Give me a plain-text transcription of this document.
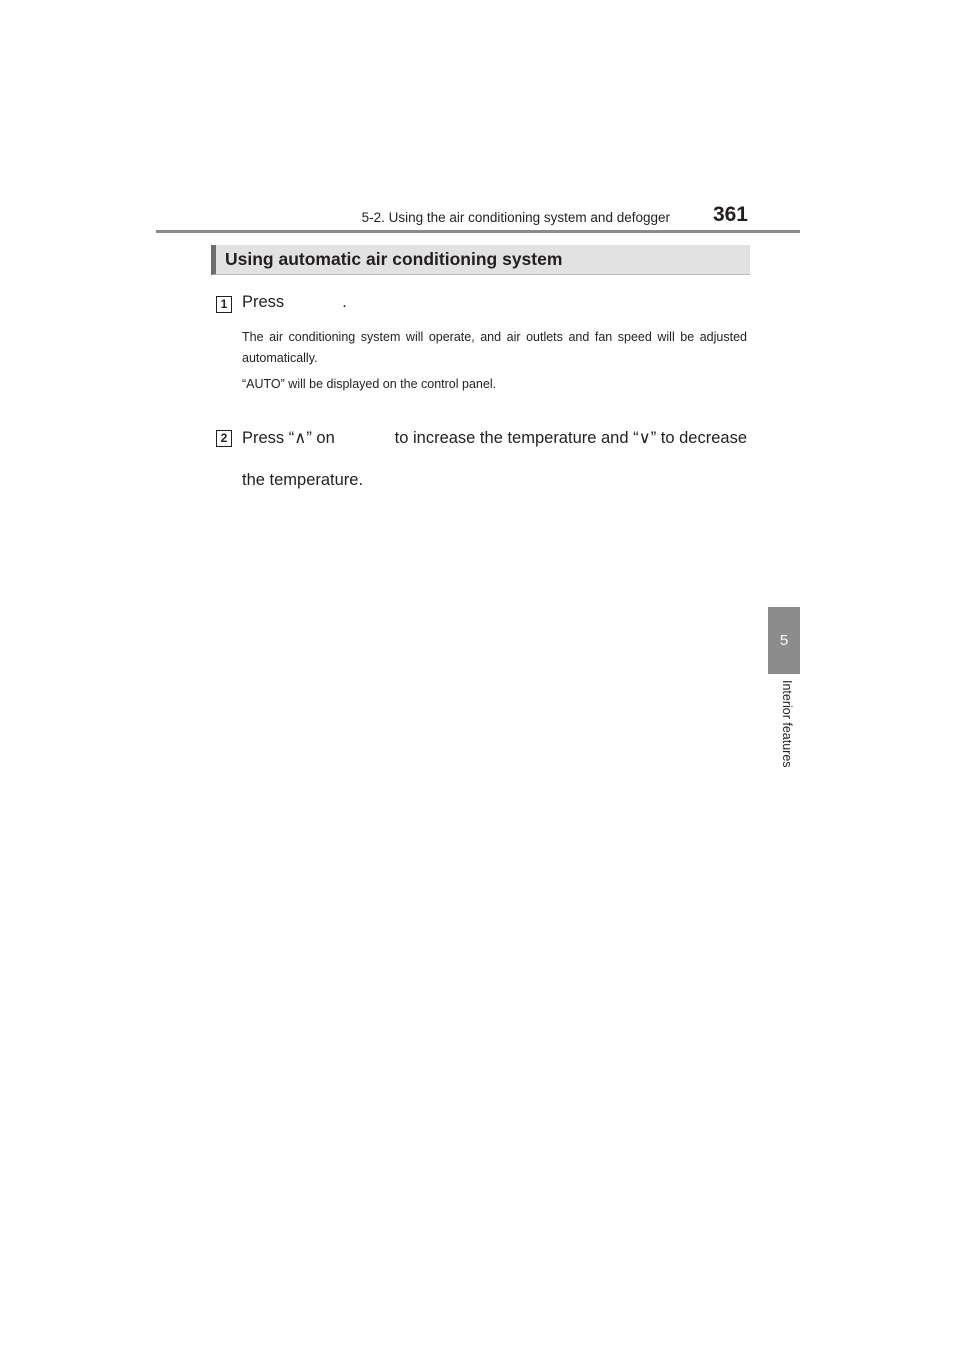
5-2. Using the air conditioning system and defogger 361
5
Interior features
Using automatic air conditioning system
1 Press	.
The air conditioning system will operate, and air outlets and fan speed will be adjusted automatically.
“AUTO” will be displayed on the control panel.
2 Press “∧” on	to increase the temperature and “∨” to decrease
the temperature.
